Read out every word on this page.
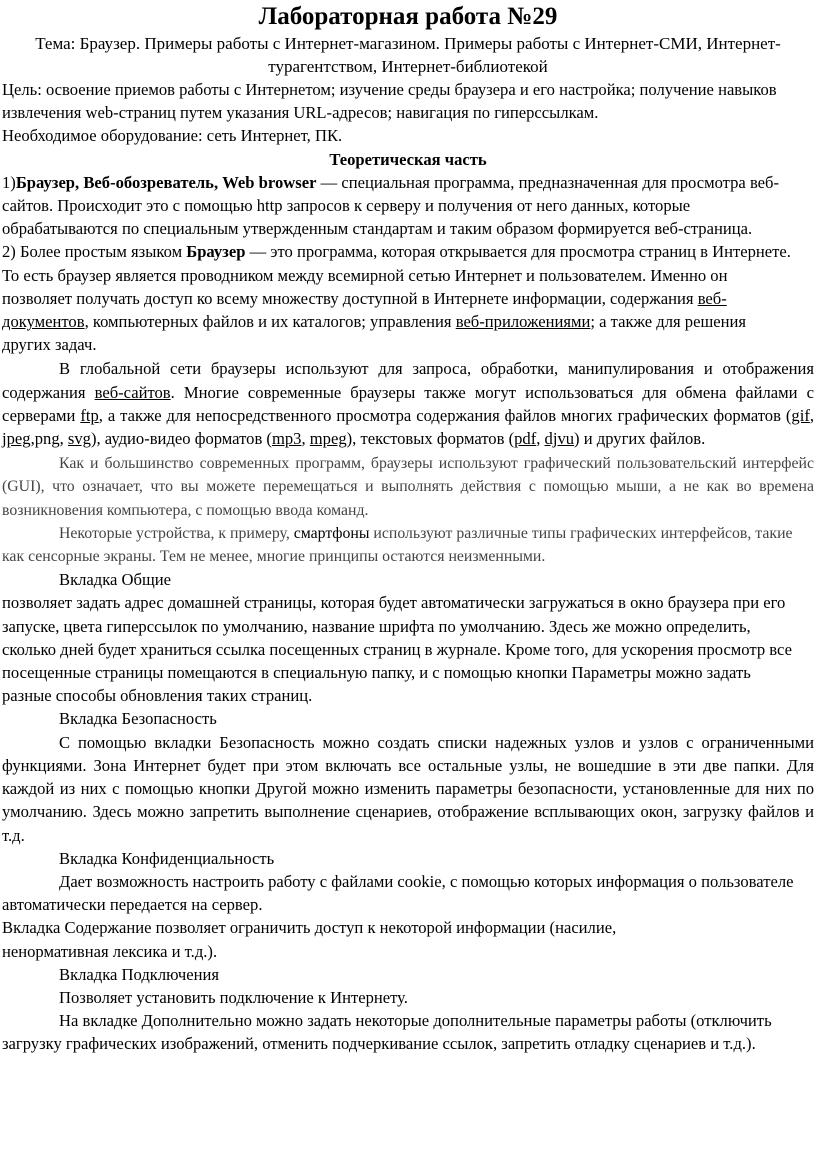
Лабораторная работа №29

Тема: Браузер. Примеры работы с Интернет-магазином. Примеры работы с Интернет-СМИ, Интернет-турагентством, Интернет-библиотекой

Цель: освоение приемов работы с Интернетом; изучение среды браузера и его настройка; получение навыков извлечения web-страниц путем указания URL-адресов; навигация по гиперссылкам.

Необходимое оборудование: сеть Интернет, ПК.

Теоретическая часть

1)Браузер, Веб-обозреватель, Web browser — специальная программа, предназначенная для просмотра веб-сайтов. Происходит это с помощью http запросов к серверу и получения от него данных, которые обрабатываются по специальным утвержденным стандартам и таким образом формируется веб-страница.

2) Более простым языком Браузер — это программа, которая открывается для просмотра страниц в Интернете. То есть браузер является проводником между всемирной сетью Интернет и пользователем. Именно он позволяет получать доступ ко всему множеству доступной в Интернете информации, содержания веб-документов, компьютерных файлов и их каталогов; управления веб-приложениями; а также для решения других задач.

В глобальной сети браузеры используют для запроса, обработки, манипулирования и отображения содержания веб-сайтов. Многие современные браузеры также могут использоваться для обмена файлами с серверами ftp, а также для непосредственного просмотра содержания файлов многих графических форматов (gif, jpeg,png, svg), аудио-видео форматов (mp3, mpeg), текстовых форматов (pdf, djvu) и других файлов.

Как и большинство современных программ, браузеры используют графический пользовательский интерфейс (GUI), что означает, что вы можете перемещаться и выполнять действия с помощью мыши, а не как во времена возникновения компьютера, с помощью ввода команд.

Некоторые устройства, к примеру, смартфоны используют различные типы графических интерфейсов, такие как сенсорные экраны. Тем не менее, многие принципы остаются неизменными.

Вкладка Общие

позволяет задать адрес домашней страницы, которая будет автоматически загружаться в окно браузера при его запуске, цвета гиперссылок по умолчанию, название шрифта по умолчанию. Здесь же можно определить, сколько дней будет храниться ссылка посещенных страниц в журнале. Кроме того, для ускорения просмотр все посещенные страницы помещаются в специальную папку, и с помощью кнопки Параметры можно задать разные способы обновления таких страниц.

Вкладка Безопасность

С помощью вкладки Безопасность можно создать списки надежных узлов и узлов с ограниченными функциями. Зона Интернет будет при этом включать все остальные узлы, не вошедшие в эти две папки. Для каждой из них с помощью кнопки Другой можно изменить параметры безопасности, установленные для них по умолчанию. Здесь можно запретить выполнение сценариев, отображение всплывающих окон, загрузку файлов и т.д.

Вкладка Конфиденциальность

Дает возможность настроить работу с файлами cookie, с помощью которых информация о пользователе автоматически передается на сервер.

Вкладка Содержание позволяет ограничить доступ к некоторой информации (насилие, ненормативная лексика и т.д.).

Вкладка Подключения

Позволяет установить подключение к Интернету.

На вкладке Дополнительно можно задать некоторые дополнительные параметры работы (отключить загрузку графических изображений, отменить подчеркивание ссылок, запретить отладку сценариев и т.д.).
